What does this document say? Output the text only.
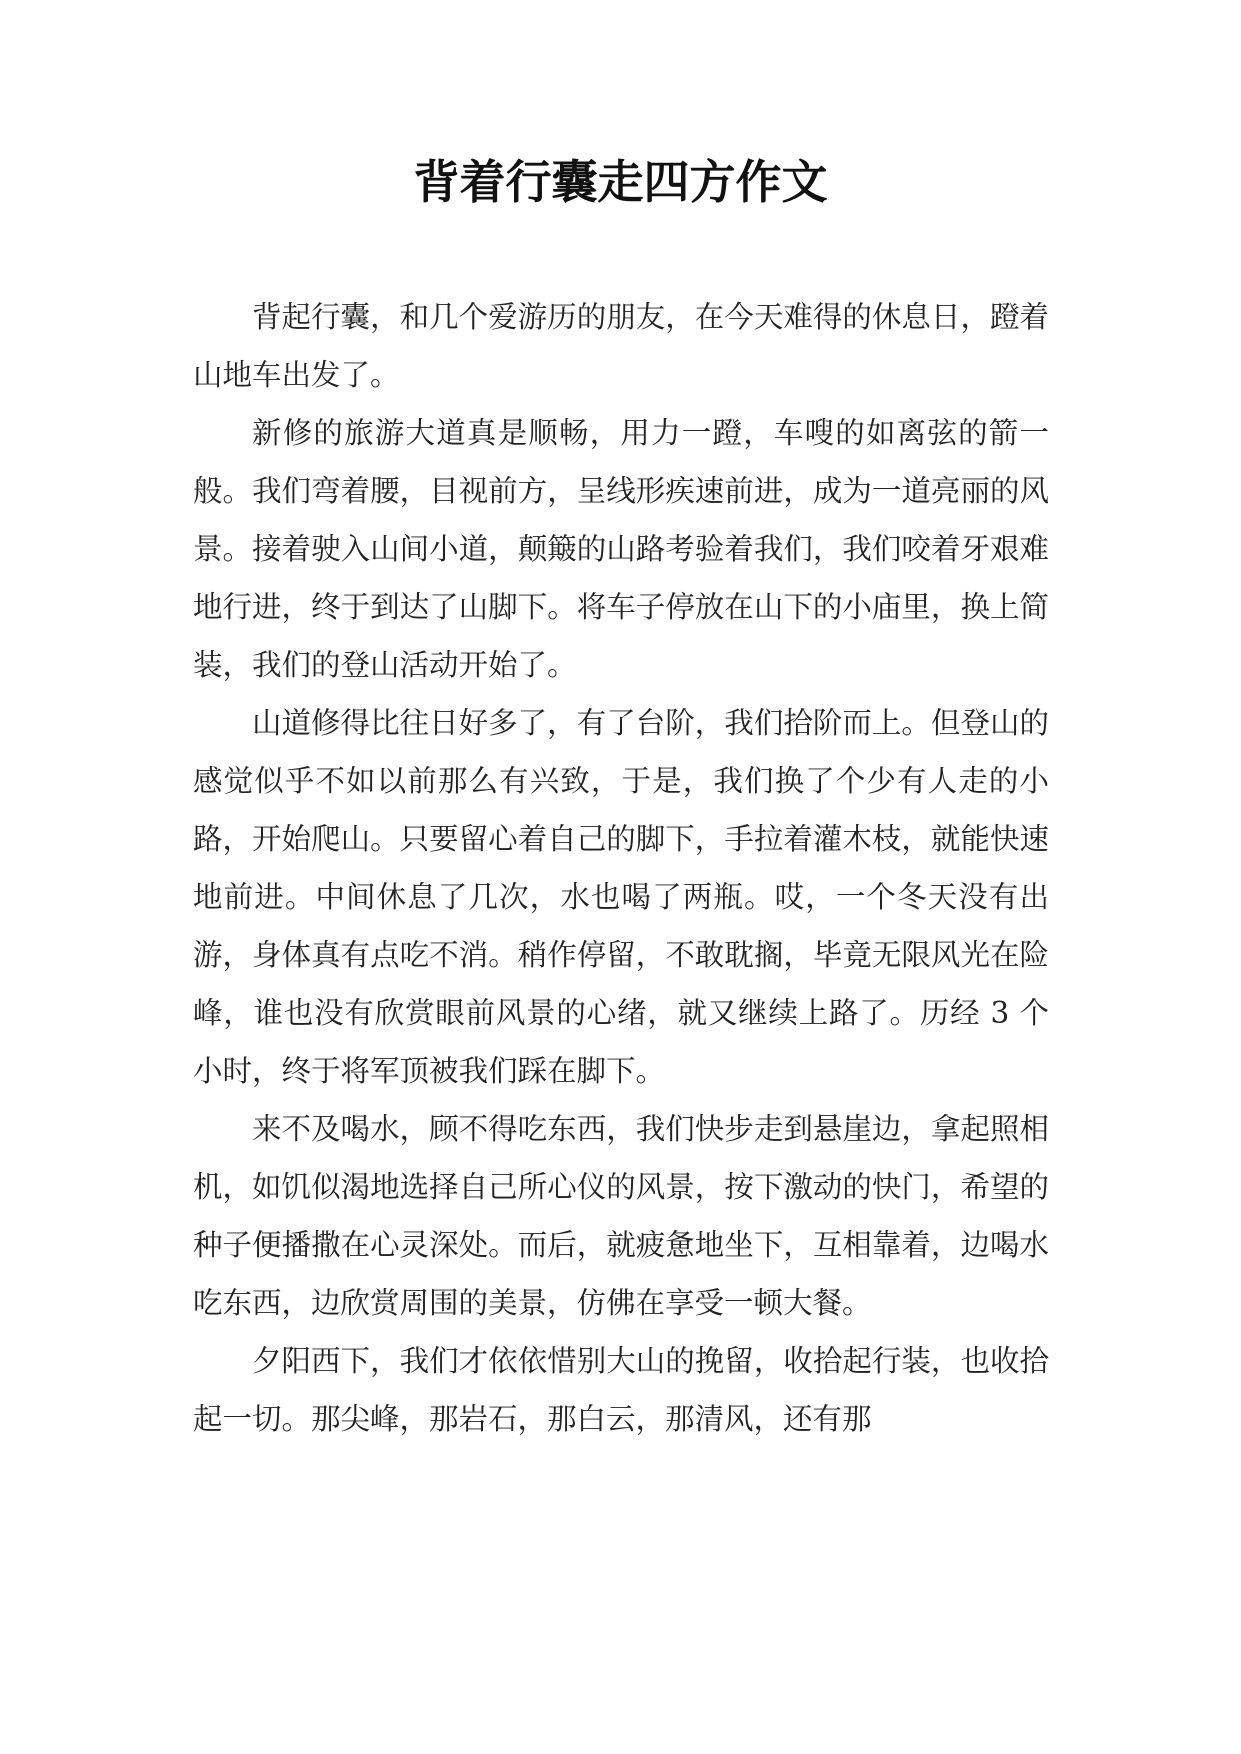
背着行囊走四方作文

背起行囊，和几个爱游历的朋友，在今天难得的休息日，蹬着山地车出发了。

新修的旅游大道真是顺畅，用力一蹬，车嗖的如离弦的箭一般。我们弯着腰，目视前方，呈线形疾速前进，成为一道亮丽的风景。接着驶入山间小道，颠簸的山路考验着我们，我们咬着牙艰难地行进，终于到达了山脚下。将车子停放在山下的小庙里，换上简装，我们的登山活动开始了。

山道修得比往日好多了，有了台阶，我们拾阶而上。但登山的感觉似乎不如以前那么有兴致，于是，我们换了个少有人走的小路，开始爬山。只要留心着自己的脚下，手拉着灌木枝，就能快速地前进。中间休息了几次，水也喝了两瓶。哎，一个冬天没有出游，身体真有点吃不消。稍作停留，不敢耽搁，毕竟无限风光在险峰，谁也没有欣赏眼前风景的心绪，就又继续上路了。历经 3 个小时，终于将军顶被我们踩在脚下。

来不及喝水，顾不得吃东西，我们快步走到悬崖边，拿起照相机，如饥似渴地选择自己所心仪的风景，按下激动的快门，希望的种子便播撒在心灵深处。而后，就疲惫地坐下，互相靠着，边喝水吃东西，边欣赏周围的美景，仿佛在享受一顿大餐。

夕阳西下，我们才依依惜别大山的挽留，收拾起行装，也收拾起一切。那尖峰，那岩石，那白云，那清风，还有那
